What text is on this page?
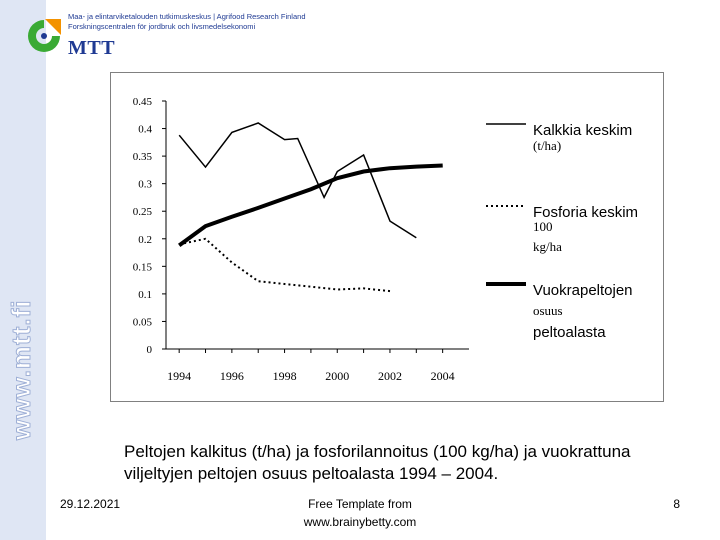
www.mtt.fi
Maa- ja elintarviketalouden tutkimuskeskus | Agrifood Research Finland
Forskningscentralen för jordbruk och livsmedelsekonomi
MTT
0.45
0.4
0.35
0.3
0.25
0.2
0.15
0.1
0.05
0
1994 1996 1998 2000 2002 2004
Kalkkia keskim
(t/ha)
Fosforia keskim
100
kg/ha
Vuokrapeltojen
osuus
peltoalasta
Peltojen kalkitus (t/ha) ja fosforilannoitus (100 kg/ha) ja vuokrattuna viljeltyjen peltojen osuus peltoalasta 1994 – 2004.
29.12.2021	Free Template from
www.brainybetty.com
8
